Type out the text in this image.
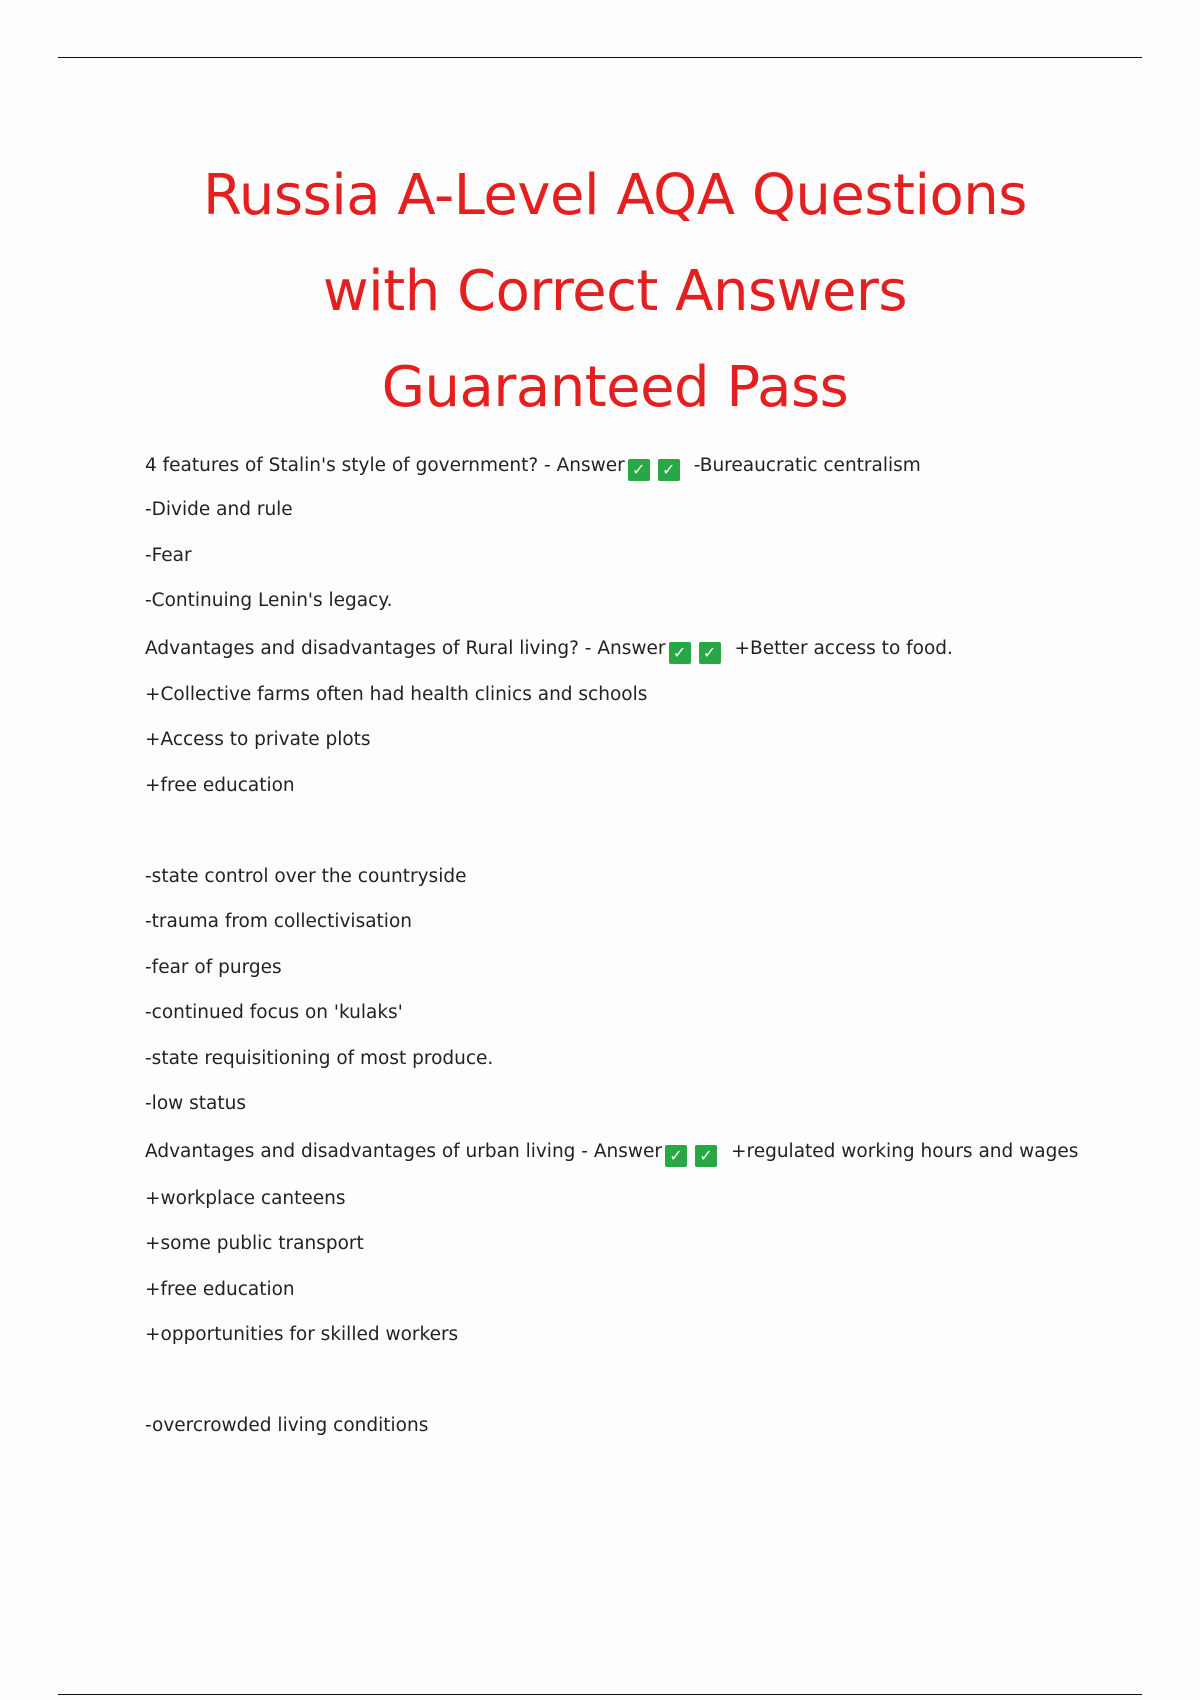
Russia A-Level AQA Questions
with Correct Answers
Guaranteed Pass
4 features of Stalin's style of government? - Answer ✓ ✓ -Bureaucratic centralism
-Divide and rule
-Fear
-Continuing Lenin's legacy.
Advantages and disadvantages of Rural living? - Answer ✓ ✓ +Better access to food.
+Collective farms often had health clinics and schools
+Access to private plots
+free education
-state control over the countryside
-trauma from collectivisation
-fear of purges
-continued focus on 'kulaks'
-state requisitioning of most produce.
-low status
Advantages and disadvantages of urban living - Answer ✓ ✓ +regulated working hours and wages
+workplace canteens
+some public transport
+free education
+opportunities for skilled workers
-overcrowded living conditions
